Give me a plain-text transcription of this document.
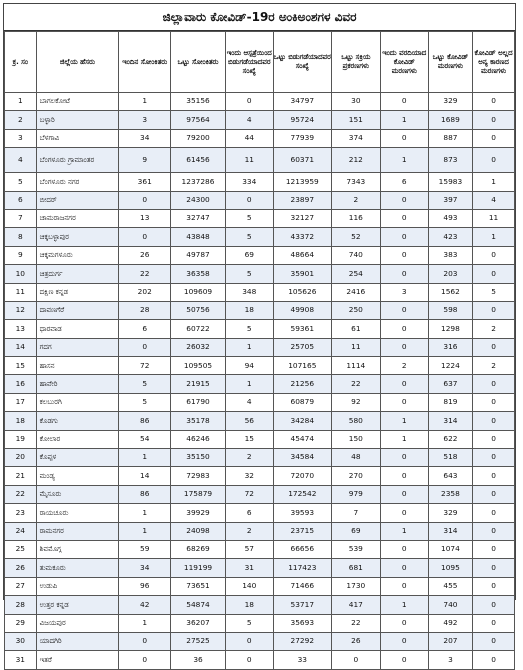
ಜಿಲ್ಲಾವಾರು ಕೋವಿಡ್-19ರ ಅಂಕಿಅಂಶಗಳ ವಿವರ
ಕ್ರ. ಸಂ	ಜಿಲ್ಲೆಯ ಹೆಸರು	ಇಂದಿನ ಸೋಂಕಿತರು	ಒಟ್ಟು ಸೋಂಕಿತರು	ಇಂದು ಆಸ್ಪತ್ರೆಯಿಂದ ಬಿಡುಗಡೆಯಾದವರ ಸಂಖ್ಯೆ	ಒಟ್ಟು ಬಿಡುಗಡೆಯಾದವರ ಸಂಖ್ಯೆ	ಒಟ್ಟು ಸಕ್ರಿಯ ಪ್ರಕರಣಗಳು	ಇಂದು ವರದಿಯಾದ ಕೋವಿಡ್ ಮರಣಗಳು	ಒಟ್ಟು ಕೋವಿಡ್ ಮರಣಗಳು	ಕೋವಿಡ್ ಅಲ್ಲದ ಅನ್ಯ ಕಾರಣದ ಮರಣಗಳು
1	ಬಾಗಲಕೋಟೆ	1	35156	0	34797	30	0	329	0
2	ಬಳ್ಳಾರಿ	3	97564	4	95724	151	1	1689	0
3	ಬೆಳಗಾವಿ	34	79200	44	77939	374	0	887	0
4	ಬೆಂಗಳೂರು ಗ್ರಾಮಾಂತರ	9	61456	11	60371	212	1	873	0
5	ಬೆಂಗಳೂರು ನಗರ	361	1237286	334	1213959	7343	6	15983	1
6	ಬೀದರ್	0	24300	0	23897	2	0	397	4
7	ಚಾಮರಾಜನಗರ	13	32747	5	32127	116	0	493	11
8	ಚಿಕ್ಕಬಳ್ಳಾಪುರ	0	43848	5	43372	52	0	423	1
9	ಚಿಕ್ಕಮಗಳೂರು	26	49787	69	48664	740	0	383	0
10	ಚಿತ್ರದುರ್ಗ	22	36358	5	35901	254	0	203	0
11	ದಕ್ಷಿಣ ಕನ್ನಡ	202	109609	348	105626	2416	3	1562	5
12	ದಾವಣಗೆರೆ	28	50756	18	49908	250	0	598	0
13	ಧಾರವಾಡ	6	60722	5	59361	61	0	1298	2
14	ಗದಗ	0	26032	1	25705	11	0	316	0
15	ಹಾಸನ	72	109505	94	107165	1114	2	1224	2
16	ಹಾವೇರಿ	5	21915	1	21256	22	0	637	0
17	ಕಲಬುರಗಿ	5	61790	4	60879	92	0	819	0
18	ಕೊಡಗು	86	35178	56	34284	580	1	314	0
19	ಕೋಲಾರ	54	46246	15	45474	150	1	622	0
20	ಕೊಪ್ಪಳ	1	35150	2	34584	48	0	518	0
21	ಮಂಡ್ಯ	14	72983	32	72070	270	0	643	0
22	ಮೈಸೂರು	86	175879	72	172542	979	0	2358	0
23	ರಾಯಚೂರು	1	39929	6	39593	7	0	329	0
24	ರಾಮನಗರ	1	24098	2	23715	69	1	314	0
25	ಶಿವಮೊಗ್ಗ	59	68269	57	66656	539	0	1074	0
26	ತುಮಕೂರು	34	119199	31	117423	681	0	1095	0
27	ಉಡುಪಿ	96	73651	140	71466	1730	0	455	0
28	ಉತ್ತರ ಕನ್ನಡ	42	54874	18	53717	417	1	740	0
29	ವಿಜಯಪುರ	1	36207	5	35693	22	0	492	0
30	ಯಾದಗಿರಿ	0	27525	0	27292	26	0	207	0
31	ಇತರೆ	0	36	0	33	0	0	3	0
